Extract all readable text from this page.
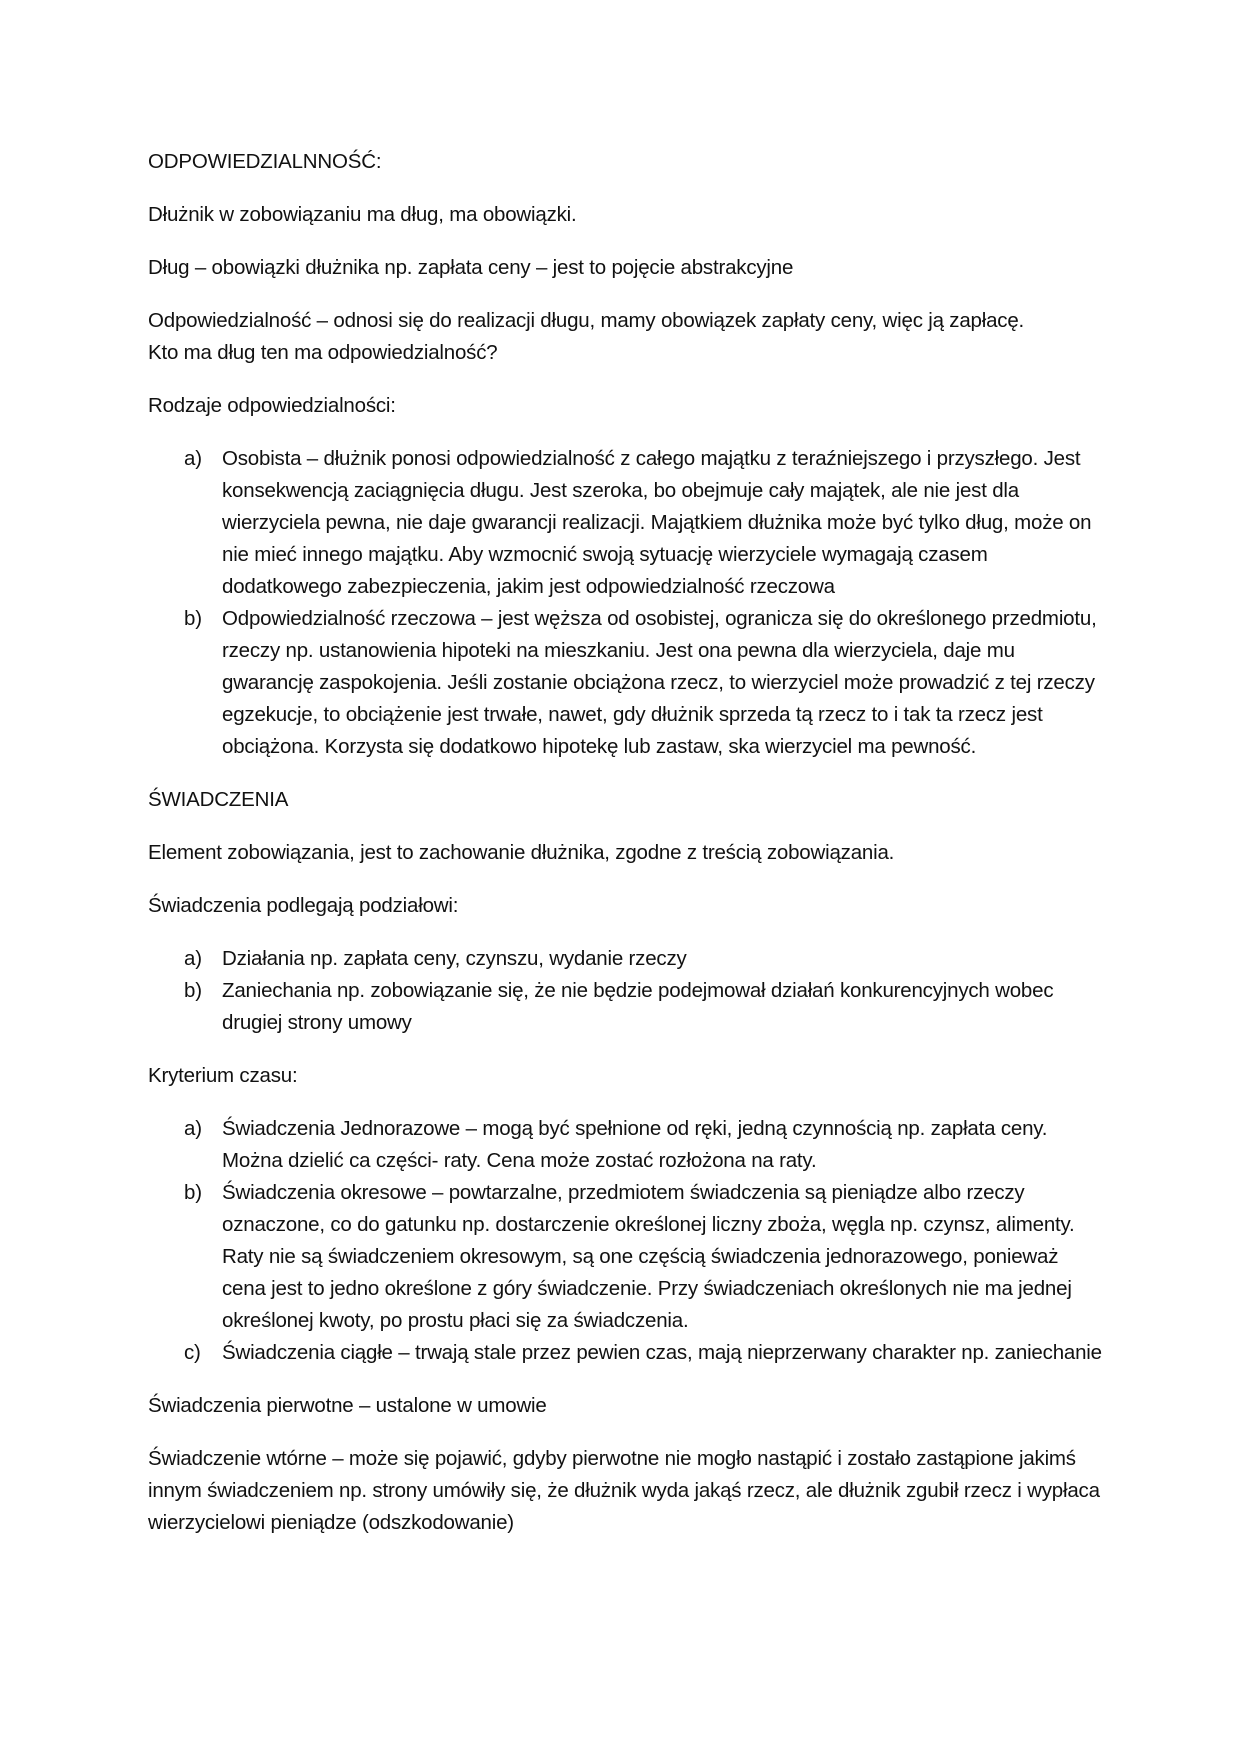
ODPOWIEDZIALNNOŚĆ:

Dłużnik w zobowiązaniu ma dług, ma obowiązki.

Dług – obowiązki dłużnika np. zapłata ceny – jest to pojęcie abstrakcyjne

Odpowiedzialność – odnosi się do realizacji długu, mamy obowiązek zapłaty ceny, więc ją zapłacę.
Kto ma dług ten ma odpowiedzialność?

Rodzaje odpowiedzialności:

a) Osobista – dłużnik ponosi odpowiedzialność z całego majątku z teraźniejszego i przyszłego. Jest konsekwencją zaciągnięcia długu. Jest szeroka, bo obejmuje cały majątek, ale nie jest dla wierzyciela pewna, nie daje gwarancji realizacji. Majątkiem dłużnika może być tylko dług, może on nie mieć innego majątku. Aby wzmocnić swoją sytuację wierzyciele wymagają czasem dodatkowego zabezpieczenia, jakim jest odpowiedzialność rzeczowa
b) Odpowiedzialność rzeczowa – jest węższa od osobistej, ogranicza się do określonego przedmiotu, rzeczy np. ustanowienia hipoteki na mieszkaniu. Jest ona pewna dla wierzyciela, daje mu gwarancję zaspokojenia. Jeśli zostanie obciążona rzecz, to wierzyciel może prowadzić z tej rzeczy egzekucje, to obciążenie jest trwałe, nawet, gdy dłużnik sprzeda tą rzecz to i tak ta rzecz jest obciążona. Korzysta się dodatkowo hipotekę lub zastaw, ska wierzyciel ma pewność.

ŚWIADCZENIA

Element zobowiązania, jest to zachowanie dłużnika, zgodne z treścią zobowiązania.

Świadczenia podlegają podziałowi:

a) Działania np. zapłata ceny, czynszu, wydanie rzeczy
b) Zaniechania np. zobowiązanie się, że nie będzie podejmował działań konkurencyjnych wobec drugiej strony umowy

Kryterium czasu:

a) Świadczenia Jednorazowe – mogą być spełnione od ręki, jedną czynnością np. zapłata ceny. Można dzielić ca części- raty. Cena może zostać rozłożona na raty.
b) Świadczenia okresowe – powtarzalne, przedmiotem świadczenia są pieniądze albo rzeczy oznaczone, co do gatunku np. dostarczenie określonej liczny zboża, węgla np. czynsz, alimenty. Raty nie są świadczeniem okresowym, są one częścią świadczenia jednorazowego, ponieważ cena jest to jedno określone z góry świadczenie. Przy świadczeniach określonych nie ma jednej określonej kwoty, po prostu płaci się za świadczenia.
c) Świadczenia ciągłe – trwają stale przez pewien czas, mają nieprzerwany charakter np. zaniechanie

Świadczenia pierwotne – ustalone w umowie

Świadczenie wtórne – może się pojawić, gdyby pierwotne nie mogło nastąpić i zostało zastąpione jakimś innym świadczeniem np. strony umówiły się, że dłużnik wyda jakąś rzecz, ale dłużnik zgubił rzecz i wypłaca wierzycielowi pieniądze (odszkodowanie)
